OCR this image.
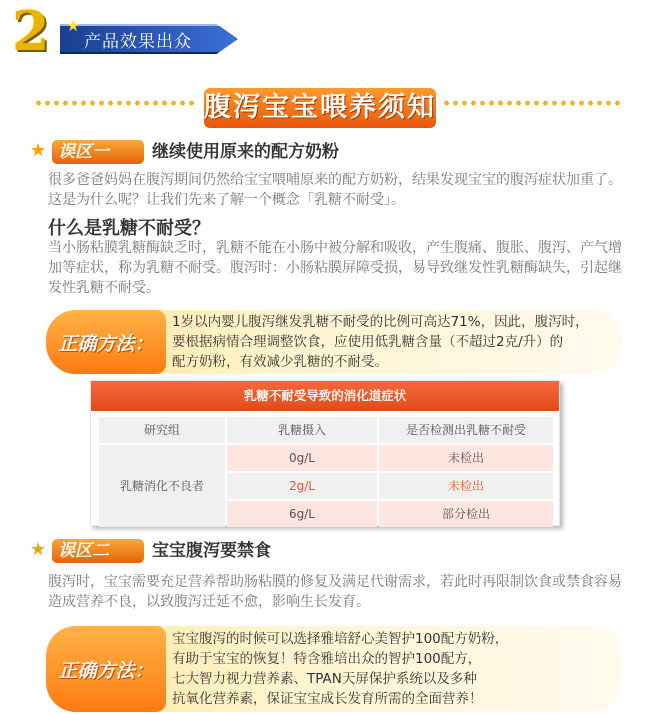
2 ★
产品效果出众
腹泻宝宝喂养须知
★ 误区一	继续使用原来的配方奶粉
很多爸爸妈妈在腹泻期间仍然给宝宝喂哺原来的配方奶粉，结果发现宝宝的腹泻症状加重了。这是为什么呢？让我们先来了解一个概念「乳糖不耐受」。
什么是乳糖不耐受？
当小肠粘膜乳糖酶缺乏时，乳糖不能在小肠中被分解和吸收，产生腹痛、腹胀、腹泻、产气增加等症状，称为乳糖不耐受。腹泻时：小肠粘膜屏障受损，易导致继发性乳糖酶缺失，引起继发性乳糖不耐受。
正确方法：
1岁以内婴儿腹泻继发乳糖不耐受的比例可高达71%，因此，腹泻时，
要根据病情合理调整饮食，应使用低乳糖含量（不超过2克/升）的
配方奶粉，有效减少乳糖的不耐受。
乳糖不耐受导致的消化道症状
研究组	乳糖摄入	是否检测出乳糖不耐受
乳糖消化不良者
0g/L	未检出
2g/L	未检出
6g/L	部分检出
★ 误区二	宝宝腹泻要禁食
腹泻时，宝宝需要充足营养帮助肠粘膜的修复及满足代谢需求，若此时再限制饮食或禁食容易造成营养不良，以致腹泻迁延不愈，影响生长发育。
正确方法：
宝宝腹泻的时候可以选择雅培舒心美智护100配方奶粉，
有助于宝宝的恢复！特含雅培出众的智护100配方，
七大智力视力营养素、TPAN天屏保护系统以及多种
抗氧化营养素，保证宝宝成长发育所需的全面营养！
